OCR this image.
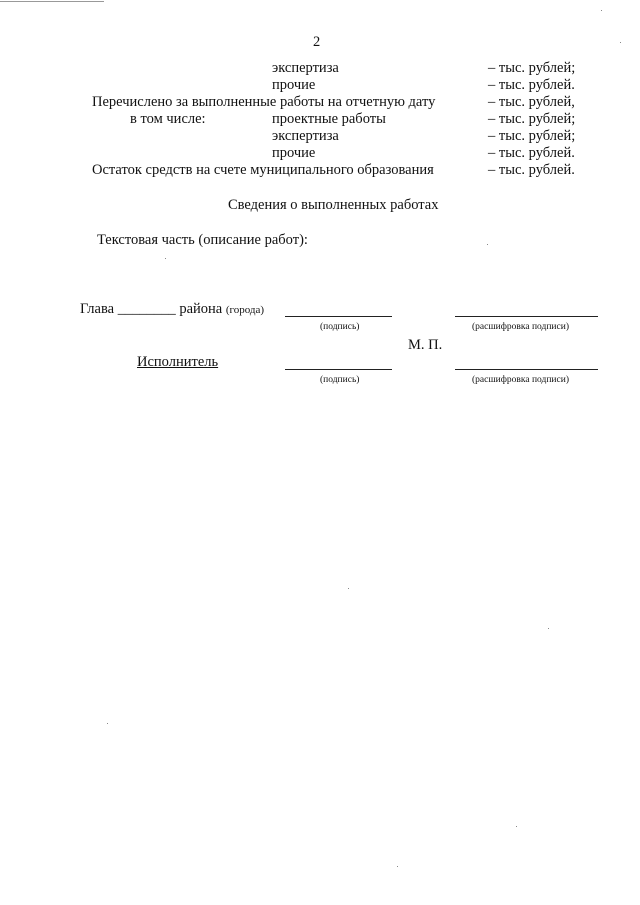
2
экспертиза	– тыс. рублей;
прочие	– тыс. рублей.
Перечислено за выполненные работы на отчетную дату	– тыс. рублей,
в том числе:	проектные работы	– тыс. рублей;
экспертиза	– тыс. рублей;
прочие	– тыс. рублей.
Остаток средств на счете муниципального образования	– тыс. рублей.
Сведения о выполненных работах
Текстовая часть (описание работ):
Глава ________ района (города)
(подпись)	(расшифровка подписи)
М. П.
Исполнитель
(подпись)	(расшифровка подписи)
